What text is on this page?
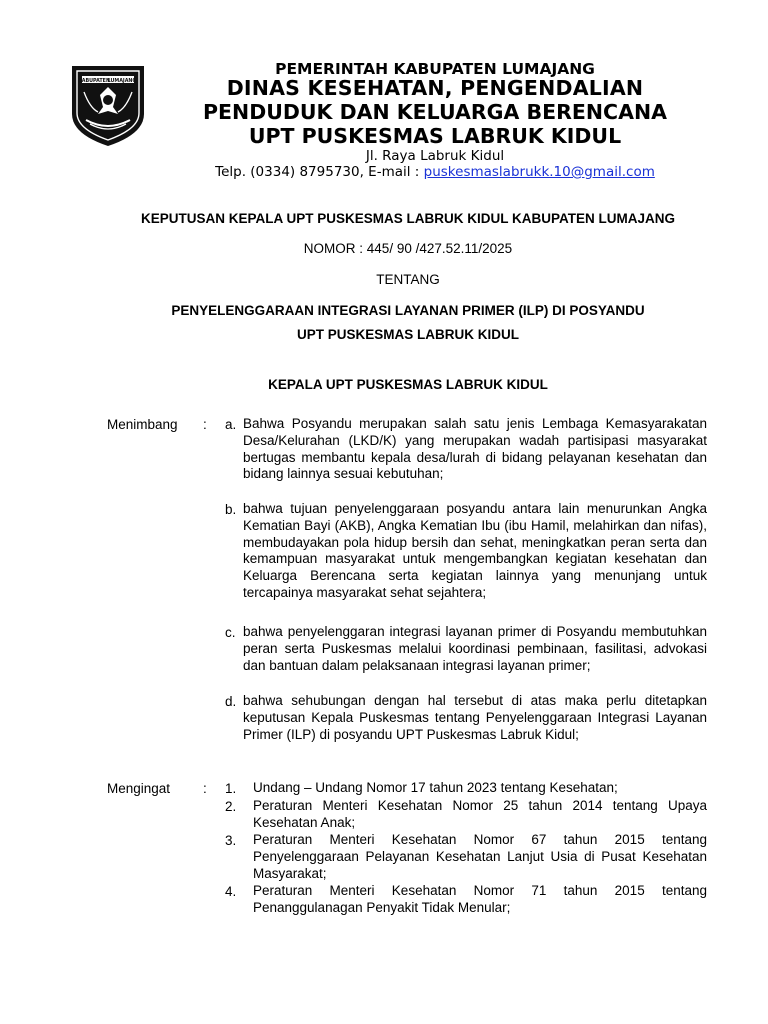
KABUPATEN
LUMAJANG
PEMERINTAH KABUPATEN LUMAJANG
DINAS KESEHATAN, PENGENDALIAN
PENDUDUK DAN KELUARGA BERENCANA
UPT PUSKESMAS LABRUK KIDUL
Jl. Raya Labruk Kidul
Telp. (0334) 8795730, E-mail : puskesmaslabrukk.10@gmail.com
KEPUTUSAN KEPALA UPT PUSKESMAS LABRUK KIDUL KABUPATEN LUMAJANG
NOMOR : 445/ 90 /427.52.11/2025
TENTANG
PENYELENGGARAAN INTEGRASI LAYANAN PRIMER (ILP) DI POSYANDU
UPT PUSKESMAS LABRUK KIDUL
KEPALA UPT PUSKESMAS LABRUK KIDUL
Menimbang : a. Bahwa Posyandu merupakan salah satu jenis Lembaga Kemasyarakatan Desa/Kelurahan (LKD/K) yang merupakan wadah partisipasi masyarakat bertugas membantu kepala desa/lurah di bidang pelayanan kesehatan dan bidang lainnya sesuai kebutuhan;
b. bahwa tujuan penyelenggaraan posyandu antara lain menurunkan Angka Kematian Bayi (AKB), Angka Kematian Ibu (ibu Hamil, melahirkan dan nifas), membudayakan pola hidup bersih dan sehat, meningkatkan peran serta dan kemampuan masyarakat untuk mengembangkan kegiatan kesehatan dan Keluarga Berencana serta kegiatan lainnya yang menunjang untuk tercapainya masyarakat sehat sejahtera;
c. bahwa penyelenggaran integrasi layanan primer di Posyandu membutuhkan peran serta Puskesmas melalui koordinasi pembinaan, fasilitasi, advokasi dan bantuan dalam pelaksanaan integrasi layanan primer;
d. bahwa sehubungan dengan hal tersebut di atas maka perlu ditetapkan keputusan Kepala Puskesmas tentang Penyelenggaraan Integrasi Layanan Primer (ILP) di posyandu UPT Puskesmas Labruk Kidul;
Mengingat : 1. Undang – Undang Nomor 17 tahun 2023 tentang Kesehatan;
2. Peraturan Menteri Kesehatan Nomor 25 tahun 2014 tentang Upaya Kesehatan Anak;
3. Peraturan Menteri Kesehatan Nomor 67 tahun 2015 tentang Penyelenggaraan Pelayanan Kesehatan Lanjut Usia di Pusat Kesehatan Masyarakat;
4. Peraturan Menteri Kesehatan Nomor 71 tahun 2015 tentang Penanggulanagan Penyakit Tidak Menular;
